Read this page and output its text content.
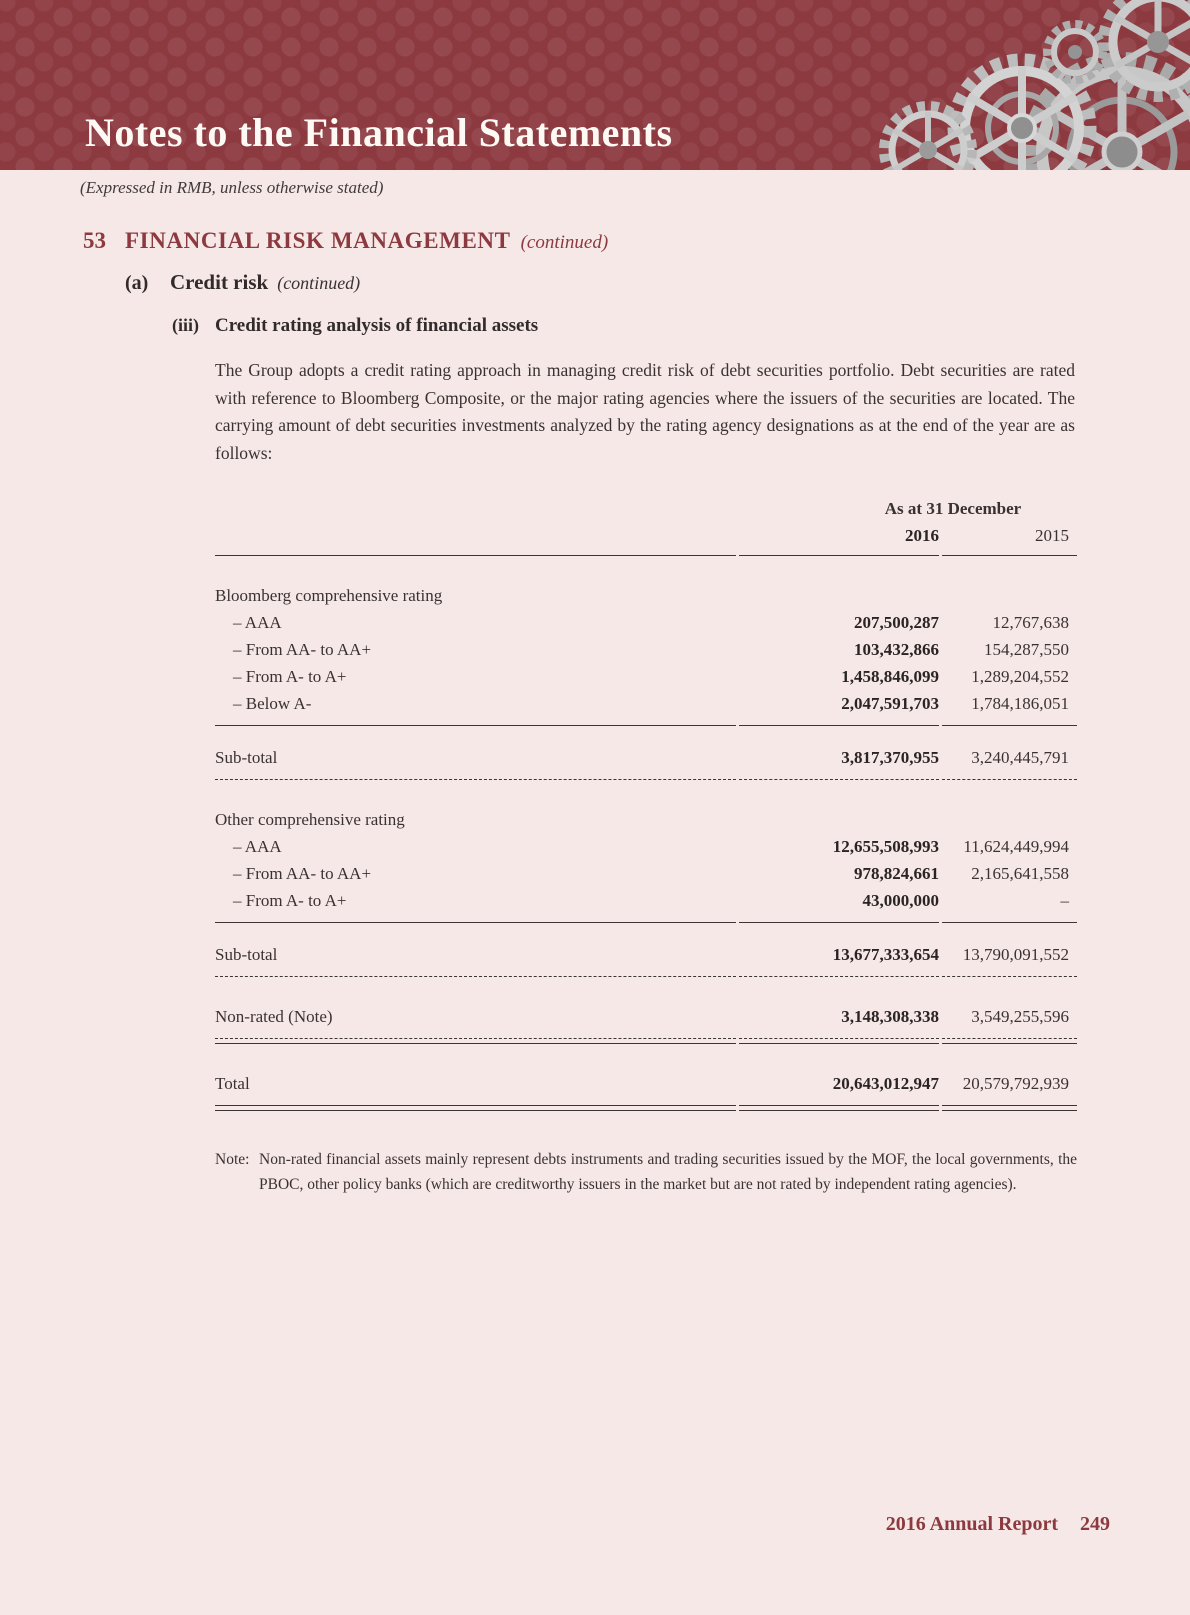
Notes to the Financial Statements
(Expressed in RMB, unless otherwise stated)
53 FINANCIAL RISK MANAGEMENT (continued)
(a)	Credit risk (continued)
(iii) Credit rating analysis of financial assets
The Group adopts a credit rating approach in managing credit risk of debt securities portfolio. Debt securities are rated with reference to Bloomberg Composite, or the major rating agencies where the issuers of the securities are located. The carrying amount of debt securities investments analyzed by the rating agency designations as at the end of the year are as follows:
As at 31 December
2016	2015
Bloomberg comprehensive rating
– AAA	207,500,287	12,767,638
– From AA- to AA+	103,432,866	154,287,550
– From A- to A+	1,458,846,099	1,289,204,552
– Below A-	2,047,591,703	1,784,186,051
Sub-total	3,817,370,955	3,240,445,791
Other comprehensive rating
– AAA	12,655,508,993	11,624,449,994
– From AA- to AA+	978,824,661	2,165,641,558
– From A- to A+	43,000,000	–
Sub-total	13,677,333,654	13,790,091,552
Non-rated (Note)	3,148,308,338	3,549,255,596
Total	20,643,012,947	20,579,792,939
Note: Non-rated financial assets mainly represent debts instruments and trading securities issued by the MOF, the local governments, the PBOC, other policy banks (which are creditworthy issuers in the market but are not rated by independent rating agencies).
2016 Annual Report 249
